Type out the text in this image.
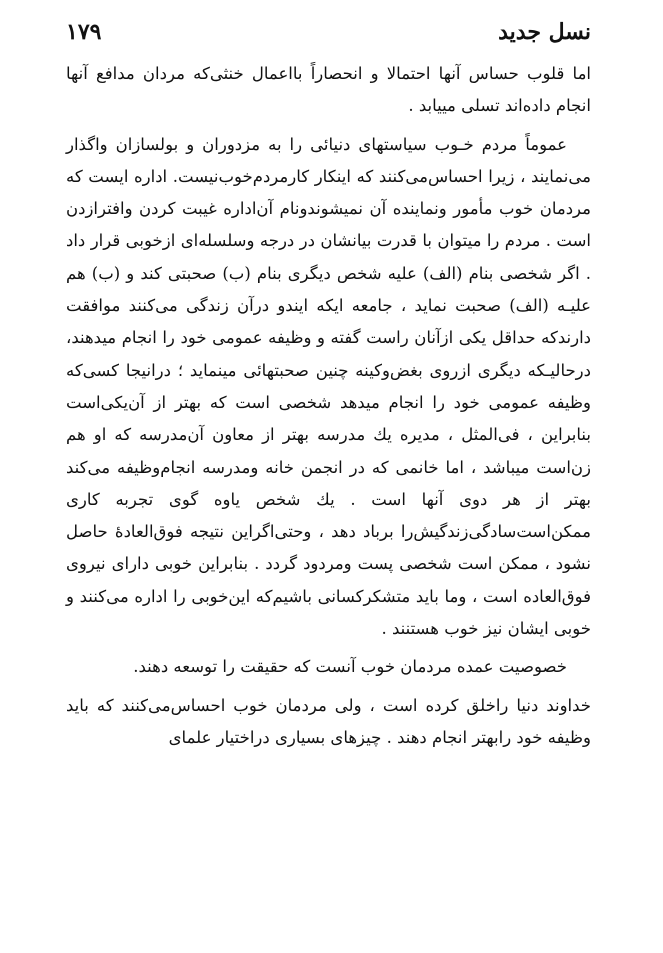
نسل جدید
۱۷۹

اما قلوب حساس آنها احتمالا و انحصاراً بااعمال خنثی‌که مردان مدافع آنها انجام داده‌اند تسلی مییابد .

عموماً مردم خـوب سیاستهای دنیائی را به مزدوران و بولسازان واگذار می‌نمایند ، زیرا احساس‌می‌کنند که اینکار کارمردم‌خوب‌نیست. اداره ایست که مردمان خوب مأمور ونماینده آن نمیشوندونام آن‌اداره غیبت کردن وافترازدن است . مردم را میتوان با قدرت بیانشان در درجه وسلسله‌ای ازخوبی قرار داد . اگر شخصی بنام (الف) علیه شخص دیگری بنام (ب) صحبتی کند و (ب) هم علیـه (الف) صحبت نماید ، جامعه ایکه ایندو درآن زندگی می‌کنند موافقت دارندکه حداقل یکی ازآنان راست گفته و وظیفه عمومی خود را انجام میدهند، درحالیـکه دیگری ازروی بغض‌وکینه چنین صحبتهائی مینماید ؛ درانیجا کسی‌که وظیفه عمومی خود را انجام میدهد شخصی است که بهتر از آن‌یکی‌است بنابراین ، فی‌المثل ، مدیره یك مدرسه بهتر از معاون آن‌مدرسه که او هم زن‌است میباشد ، اما خانمی که در انجمن خانه ومدرسه انجام‌وظیفه می‌کند بهتر از هر دوی آنها است . یك شخص یاوه گوی تجربه کاری ممکن‌است‌سادگی‌زندگیش‌را برباد دهد ، وحتی‌اگراین نتیجه فوق‌العادهٔ حاصل نشود ، ممکن است شخصی پست ومردود گردد . بنابراین خوبی دارای نیروی فوق‌العاده است ، وما باید متشکرکسانی باشیم‌که این‌خوبی را اداره می‌کنند و خوبی ایشان نیز خوب هستنند .

خصوصیت عمده مردمان خوب آنست که حقیقت را توسعه دهند.

خداوند دنیا راخلق کرده است ، ولی مردمان خوب احساس‌می‌کنند که باید وظیفه خود رابهتر انجام دهند . چیزهای بسیاری دراختیار علمای
